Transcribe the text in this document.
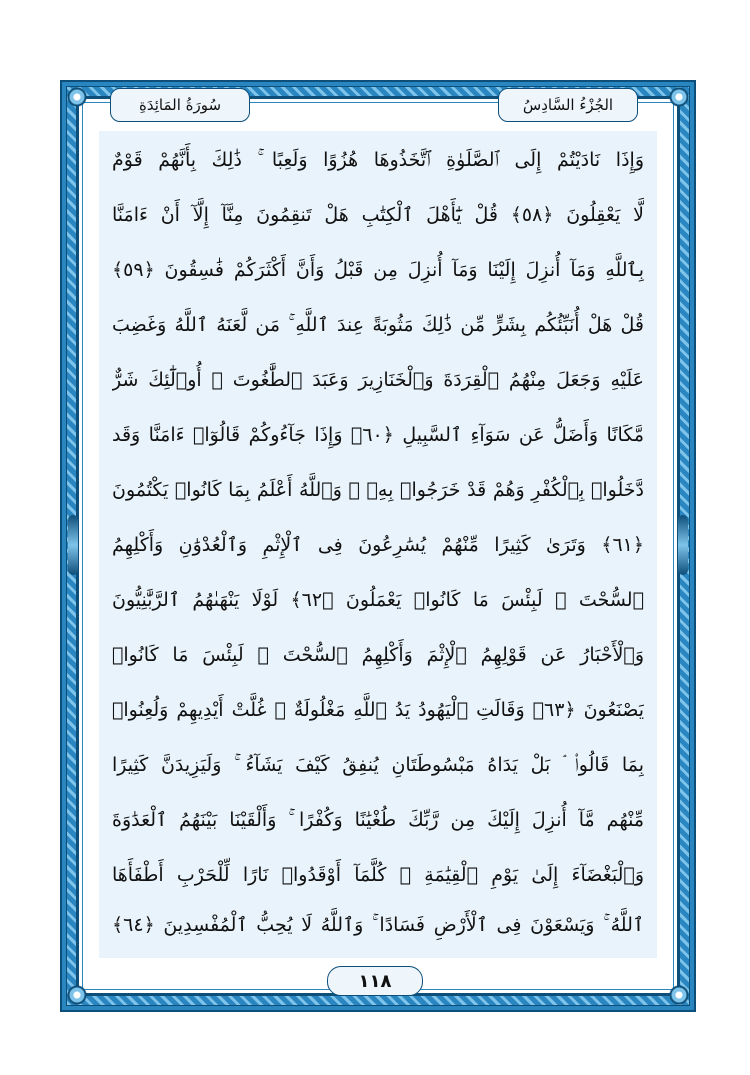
الجُزْءُ السَّادِسُ
سُورَةُ المَائِدَةِ
وَإِذَا نَادَيْتُمْ إِلَى ٱلصَّلَوٰةِ ٱتَّخَذُوهَا هُزُوًا وَلَعِبًا ۚ ذَٰلِكَ بِأَنَّهُمْ قَوْمٌ
لَّا يَعْقِلُونَ ﴿٥٨﴾ قُلْ يَٰٓأَهْلَ ٱلْكِتَٰبِ هَلْ تَنقِمُونَ مِنَّآ إِلَّآ أَنْ ءَامَنَّا
بِٱللَّهِ وَمَآ أُنزِلَ إِلَيْنَا وَمَآ أُنزِلَ مِن قَبْلُ وَأَنَّ أَكْثَرَكُمْ فَٰسِقُونَ ﴿٥٩﴾
قُلْ هَلْ أُنَبِّئُكُم بِشَرٍّ مِّن ذَٰلِكَ مَثُوبَةً عِندَ ٱللَّهِ ۚ مَن لَّعَنَهُ ٱللَّهُ وَغَضِبَ
عَلَيْهِ وَجَعَلَ مِنْهُمُ ٱلْقِرَدَةَ وَٱلْخَنَازِيرَ وَعَبَدَ ٱلطَّٰغُوتَ ۚ أُو۟لَٰٓئِكَ شَرٌّ
مَّكَانًا وَأَضَلُّ عَن سَوَآءِ ٱلسَّبِيلِ ﴿٦٠﴾ وَإِذَا جَآءُوكُمْ قَالُوٓا۟ ءَامَنَّا وَقَد
دَّخَلُوا۟ بِٱلْكُفْرِ وَهُمْ قَدْ خَرَجُوا۟ بِهِۦ ۚ وَٱللَّهُ أَعْلَمُ بِمَا كَانُوا۟ يَكْتُمُونَ
﴿٦١﴾ وَتَرَىٰ كَثِيرًا مِّنْهُمْ يُسَٰرِعُونَ فِى ٱلْإِثْمِ وَٱلْعُدْوَٰنِ وَأَكْلِهِمُ
ٱلسُّحْتَ ۚ لَبِئْسَ مَا كَانُوا۟ يَعْمَلُونَ ﴿٦٢﴾ لَوْلَا يَنْهَىٰهُمُ ٱلرَّبَّٰنِيُّونَ
وَٱلْأَحْبَارُ عَن قَوْلِهِمُ ٱلْإِثْمَ وَأَكْلِهِمُ ٱلسُّحْتَ ۚ لَبِئْسَ مَا كَانُوا۟
يَصْنَعُونَ ﴿٦٣﴾ وَقَالَتِ ٱلْيَهُودُ يَدُ ٱللَّهِ مَغْلُولَةٌ ۚ غُلَّتْ أَيْدِيهِمْ وَلُعِنُوا۟
بِمَا قَالُوا۟ ۘ بَلْ يَدَاهُ مَبْسُوطَتَانِ يُنفِقُ كَيْفَ يَشَآءُ ۚ وَلَيَزِيدَنَّ كَثِيرًا
مِّنْهُم مَّآ أُنزِلَ إِلَيْكَ مِن رَّبِّكَ طُغْيَٰنًا وَكُفْرًا ۚ وَأَلْقَيْنَا بَيْنَهُمُ ٱلْعَدَٰوَةَ
وَٱلْبَغْضَآءَ إِلَىٰ يَوْمِ ٱلْقِيَٰمَةِ ۚ كُلَّمَآ أَوْقَدُوا۟ نَارًا لِّلْحَرْبِ أَطْفَأَهَا
ٱللَّهُ ۚ وَيَسْعَوْنَ فِى ٱلْأَرْضِ فَسَادًا ۚ وَٱللَّهُ لَا يُحِبُّ ٱلْمُفْسِدِينَ ﴿٦٤﴾
١١٨
